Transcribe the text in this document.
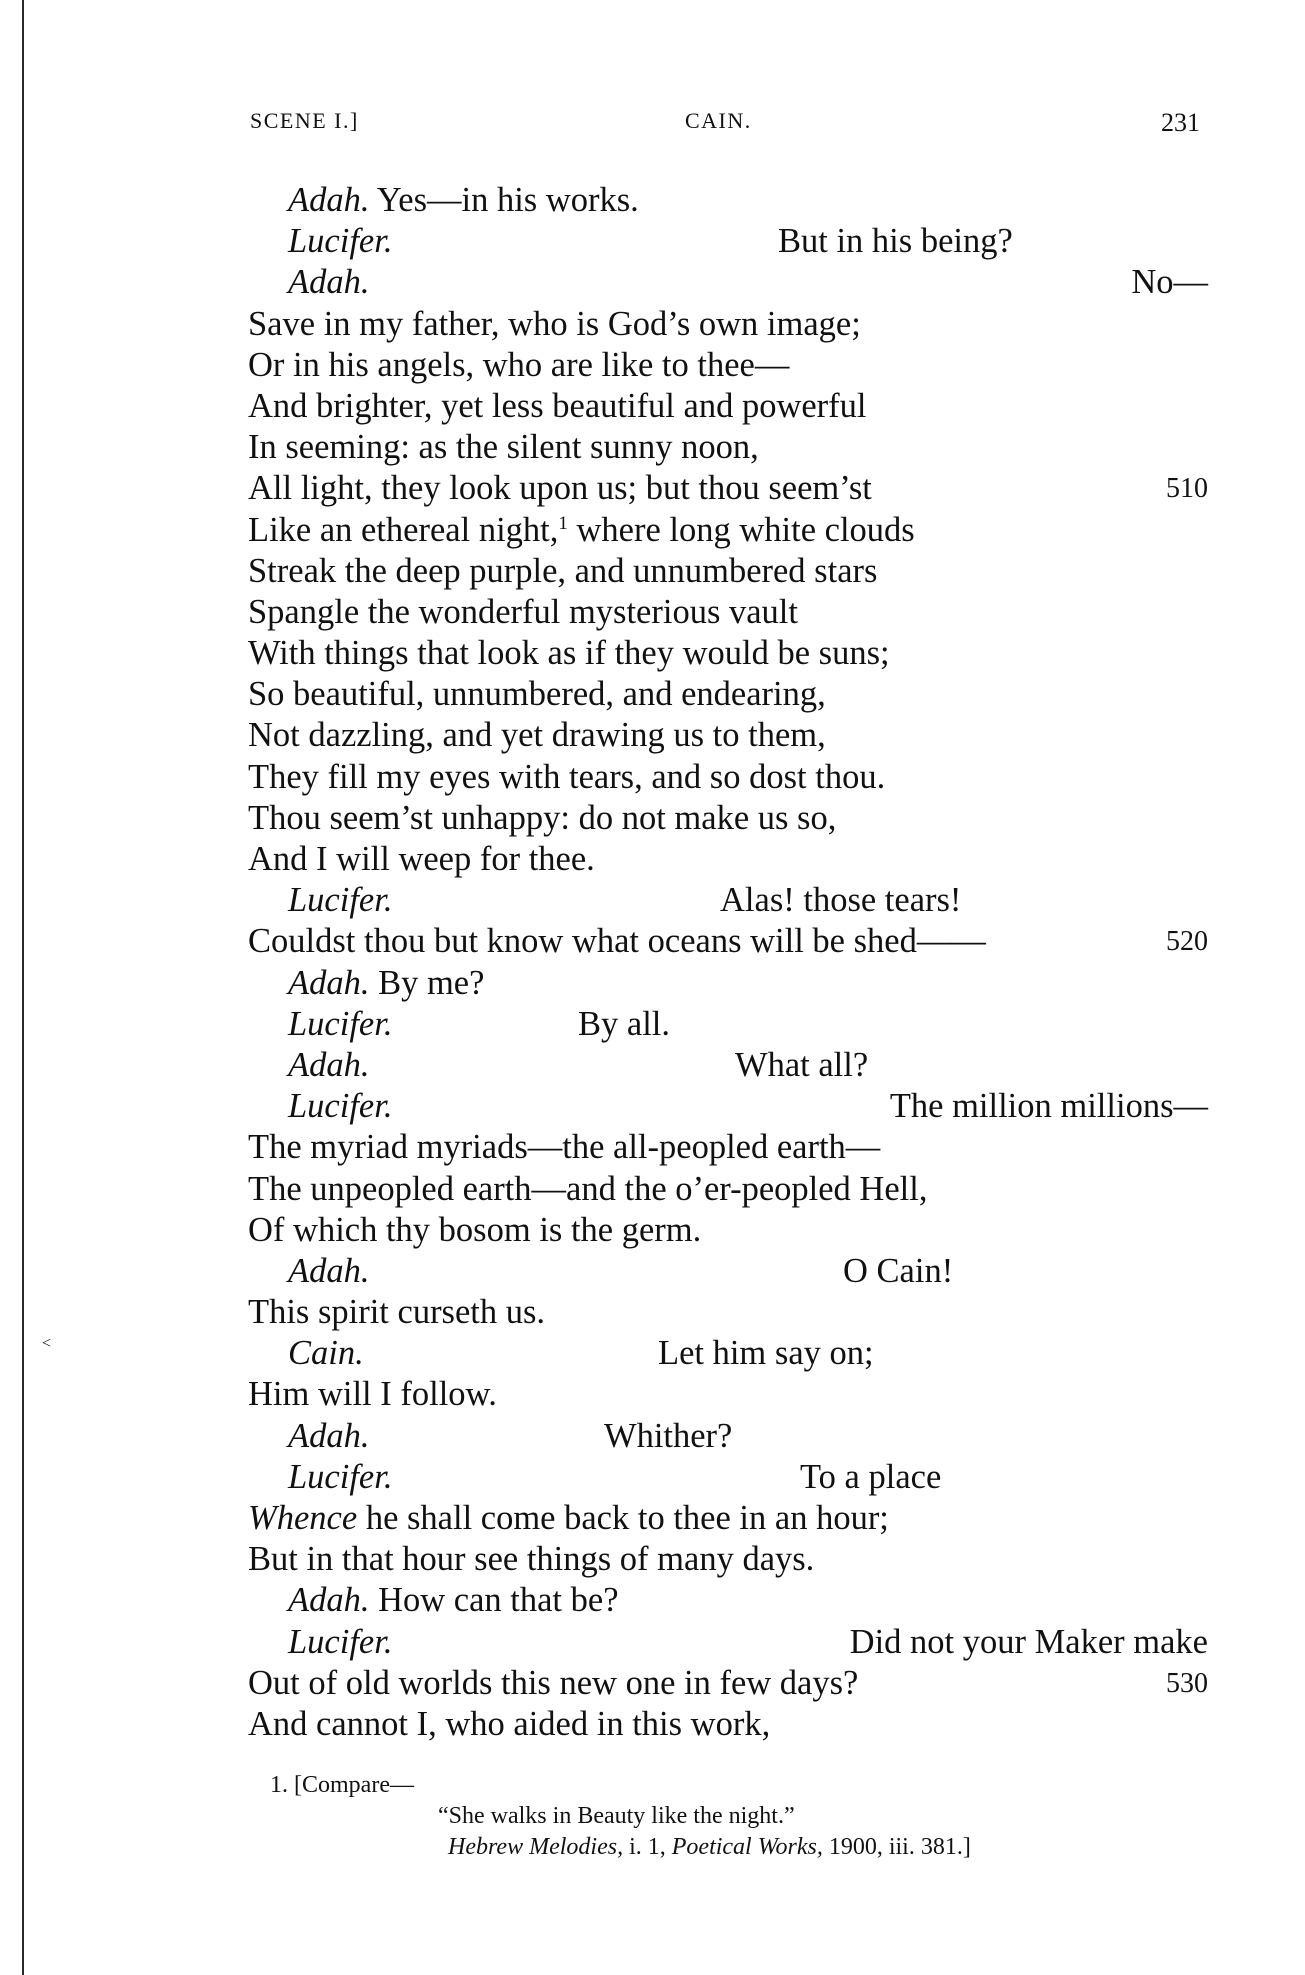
˂
SCENE I.]	CAIN.	231
Adah. Yes—in his works.
Lucifer.	But in his being?
Adah.	No—
Save in my father, who is God’s own image;
Or in his angels, who are like to thee—
And brighter, yet less beautiful and powerful
In seeming: as the silent sunny noon,
All light, they look upon us; but thou seem’st	510
Like an ethereal night,$^1$ where long white clouds
Streak the deep purple, and unnumbered stars
Spangle the wonderful mysterious vault
With things that look as if they would be suns;
So beautiful, unnumbered, and endearing,
Not dazzling, and yet drawing us to them,
They fill my eyes with tears, and so dost thou.
Thou seem’st unhappy: do not make us so,
And I will weep for thee.
Lucifer.	Alas! those tears!
Couldst thou but know what oceans will be shed——	520
Adah. By me?
Lucifer.	By all.
Adah.	What all?
Lucifer.	The million millions—
The myriad myriads—the all-peopled earth—
The unpeopled earth—and the o’er-peopled Hell,
Of which thy bosom is the germ.
Adah.	O Cain!
This spirit curseth us.
Cain.	Let him say on;
Him will I follow.
Adah.	Whither?
Lucifer.	To a place
Whence he shall come back to thee in an hour;
But in that hour see things of many days.
Adah. How can that be?
Lucifer.	Did not your Maker make
Out of old worlds this new one in few days?	530
And cannot I, who aided in this work,
1. [Compare—
“She walks in Beauty like the night.”
Hebrew Melodies, i. 1, Poetical Works, 1900, iii. 381.]
